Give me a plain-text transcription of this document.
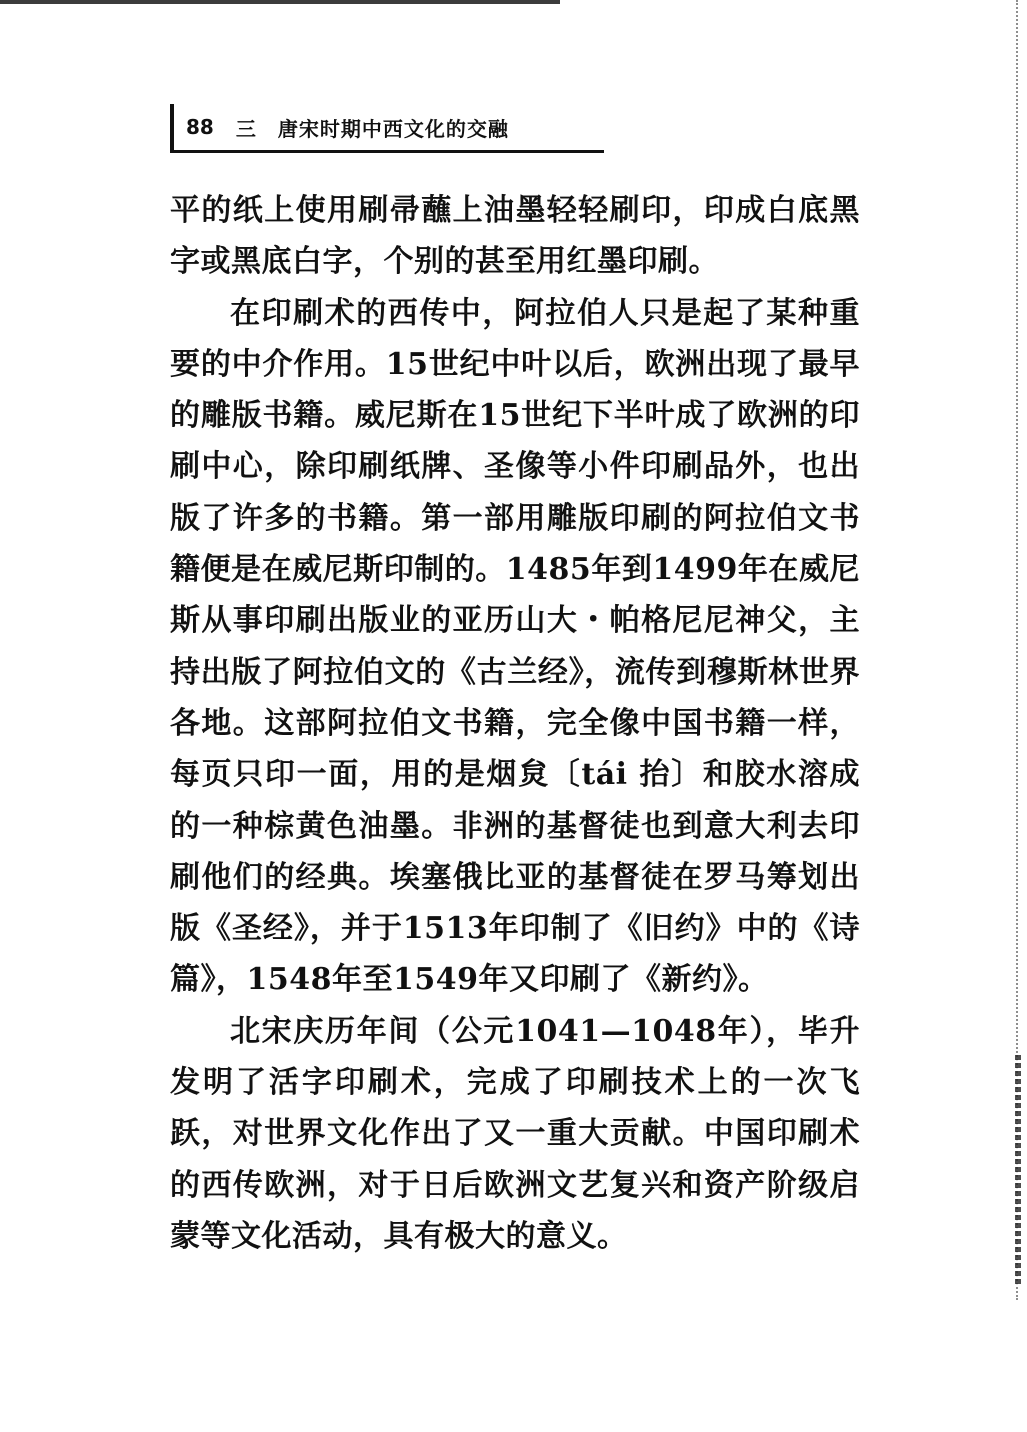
88 三 唐宋时期中西文化的交融

平的纸上使用刷帚蘸上油墨轻轻刷印，印成白底黑字或黑底白字，个别的甚至用红墨印刷。

在印刷术的西传中，阿拉伯人只是起了某种重要的中介作用。15世纪中叶以后，欧洲出现了最早的雕版书籍。威尼斯在15世纪下半叶成了欧洲的印刷中心，除印刷纸牌、圣像等小件印刷品外，也出版了许多的书籍。第一部用雕版印刷的阿拉伯文书籍便是在威尼斯印制的。1485年到1499年在威尼斯从事印刷出版业的亚历山大・帕格尼尼神父，主持出版了阿拉伯文的《古兰经》，流传到穆斯林世界各地。这部阿拉伯文书籍，完全像中国书籍一样，每页只印一面，用的是烟炱〔tái 抬〕和胶水溶成的一种棕黄色油墨。非洲的基督徒也到意大利去印刷他们的经典。埃塞俄比亚的基督徒在罗马筹划出版《圣经》，并于1513年印制了《旧约》中的《诗篇》，1548年至1549年又印刷了《新约》。

北宋庆历年间（公元1041—1048年），毕升发明了活字印刷术，完成了印刷技术上的一次飞跃，对世界文化作出了又一重大贡献。中国印刷术的西传欧洲，对于日后欧洲文艺复兴和资产阶级启蒙等文化活动，具有极大的意义。
